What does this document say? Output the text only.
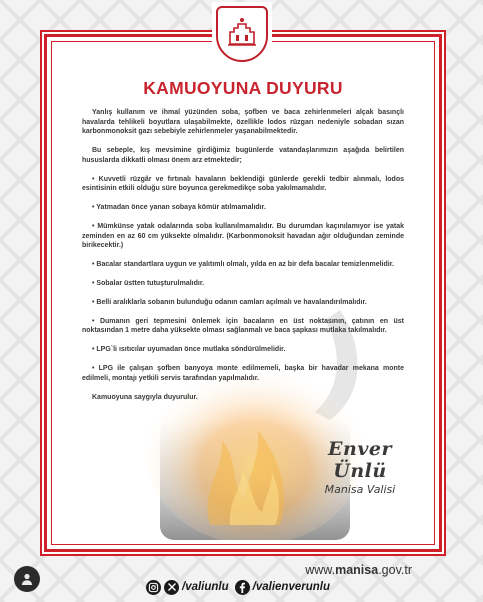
KAMUOYUNA DUYURU

Yanlış kullanım ve ihmal yüzünden soba, şofben ve baca zehirlenmeleri alçak basınçlı havalarda tehlikeli boyutlara ulaşabilmekte, özellikle lodos rüzgarı nedeniyle sobadan sızan karbonmonoksit gazı sebebiyle zehirlenmeler yaşanabilmektedir.

Bu sebeple, kış mevsimine girdiğimiz bugünlerde vatandaşlarımızın aşağıda belirtilen hususlarda dikkatli olması önem arz etmektedir;

• Kuvvetli rüzgâr ve fırtınalı havaların beklendiği günlerde gerekli tedbir alınmalı, lodos esintisinin etkili olduğu süre boyunca gerekmedikçe soba yakılmamalıdır.

• Yatmadan önce yanan sobaya kömür atılmamalıdır.

• Mümkünse yatak odalarında soba kullanılmamalıdır. Bu durumdan kaçınılamıyor ise yatak zeminden en az 60 cm yüksekte olmalıdır. (Karbonmonoksit havadan ağır olduğundan zeminde birikecektir.)

• Bacalar standartlara uygun ve yalıtımlı olmalı, yılda en az bir defa bacalar temizlenmelidir.

• Sobalar üstten tutuşturulmalıdır.

• Belli aralıklarla sobanın bulunduğu odanın camları açılmalı ve havalandırılmalıdır.

• Dumanın geri tepmesini önlemek için bacaların en üst noktasının, çatının en üst noktasından 1 metre daha yüksekte olması sağlanmalı ve baca şapkası mutlaka takılmalıdır.

• LPG`li ısıtıcılar uyumadan önce mutlaka söndürülmelidir.

• LPG ile çalışan şofben banyoya monte edilmemeli, başka bir havadar mekana monte edilmeli, montajı yetkili servis tarafından yapılmalıdır.

Kamuoyuna saygıyla duyurulur.

Enver Ünlü
Manisa Valisi
www.manisa.gov.tr
/valiunlu /valienverunlu
